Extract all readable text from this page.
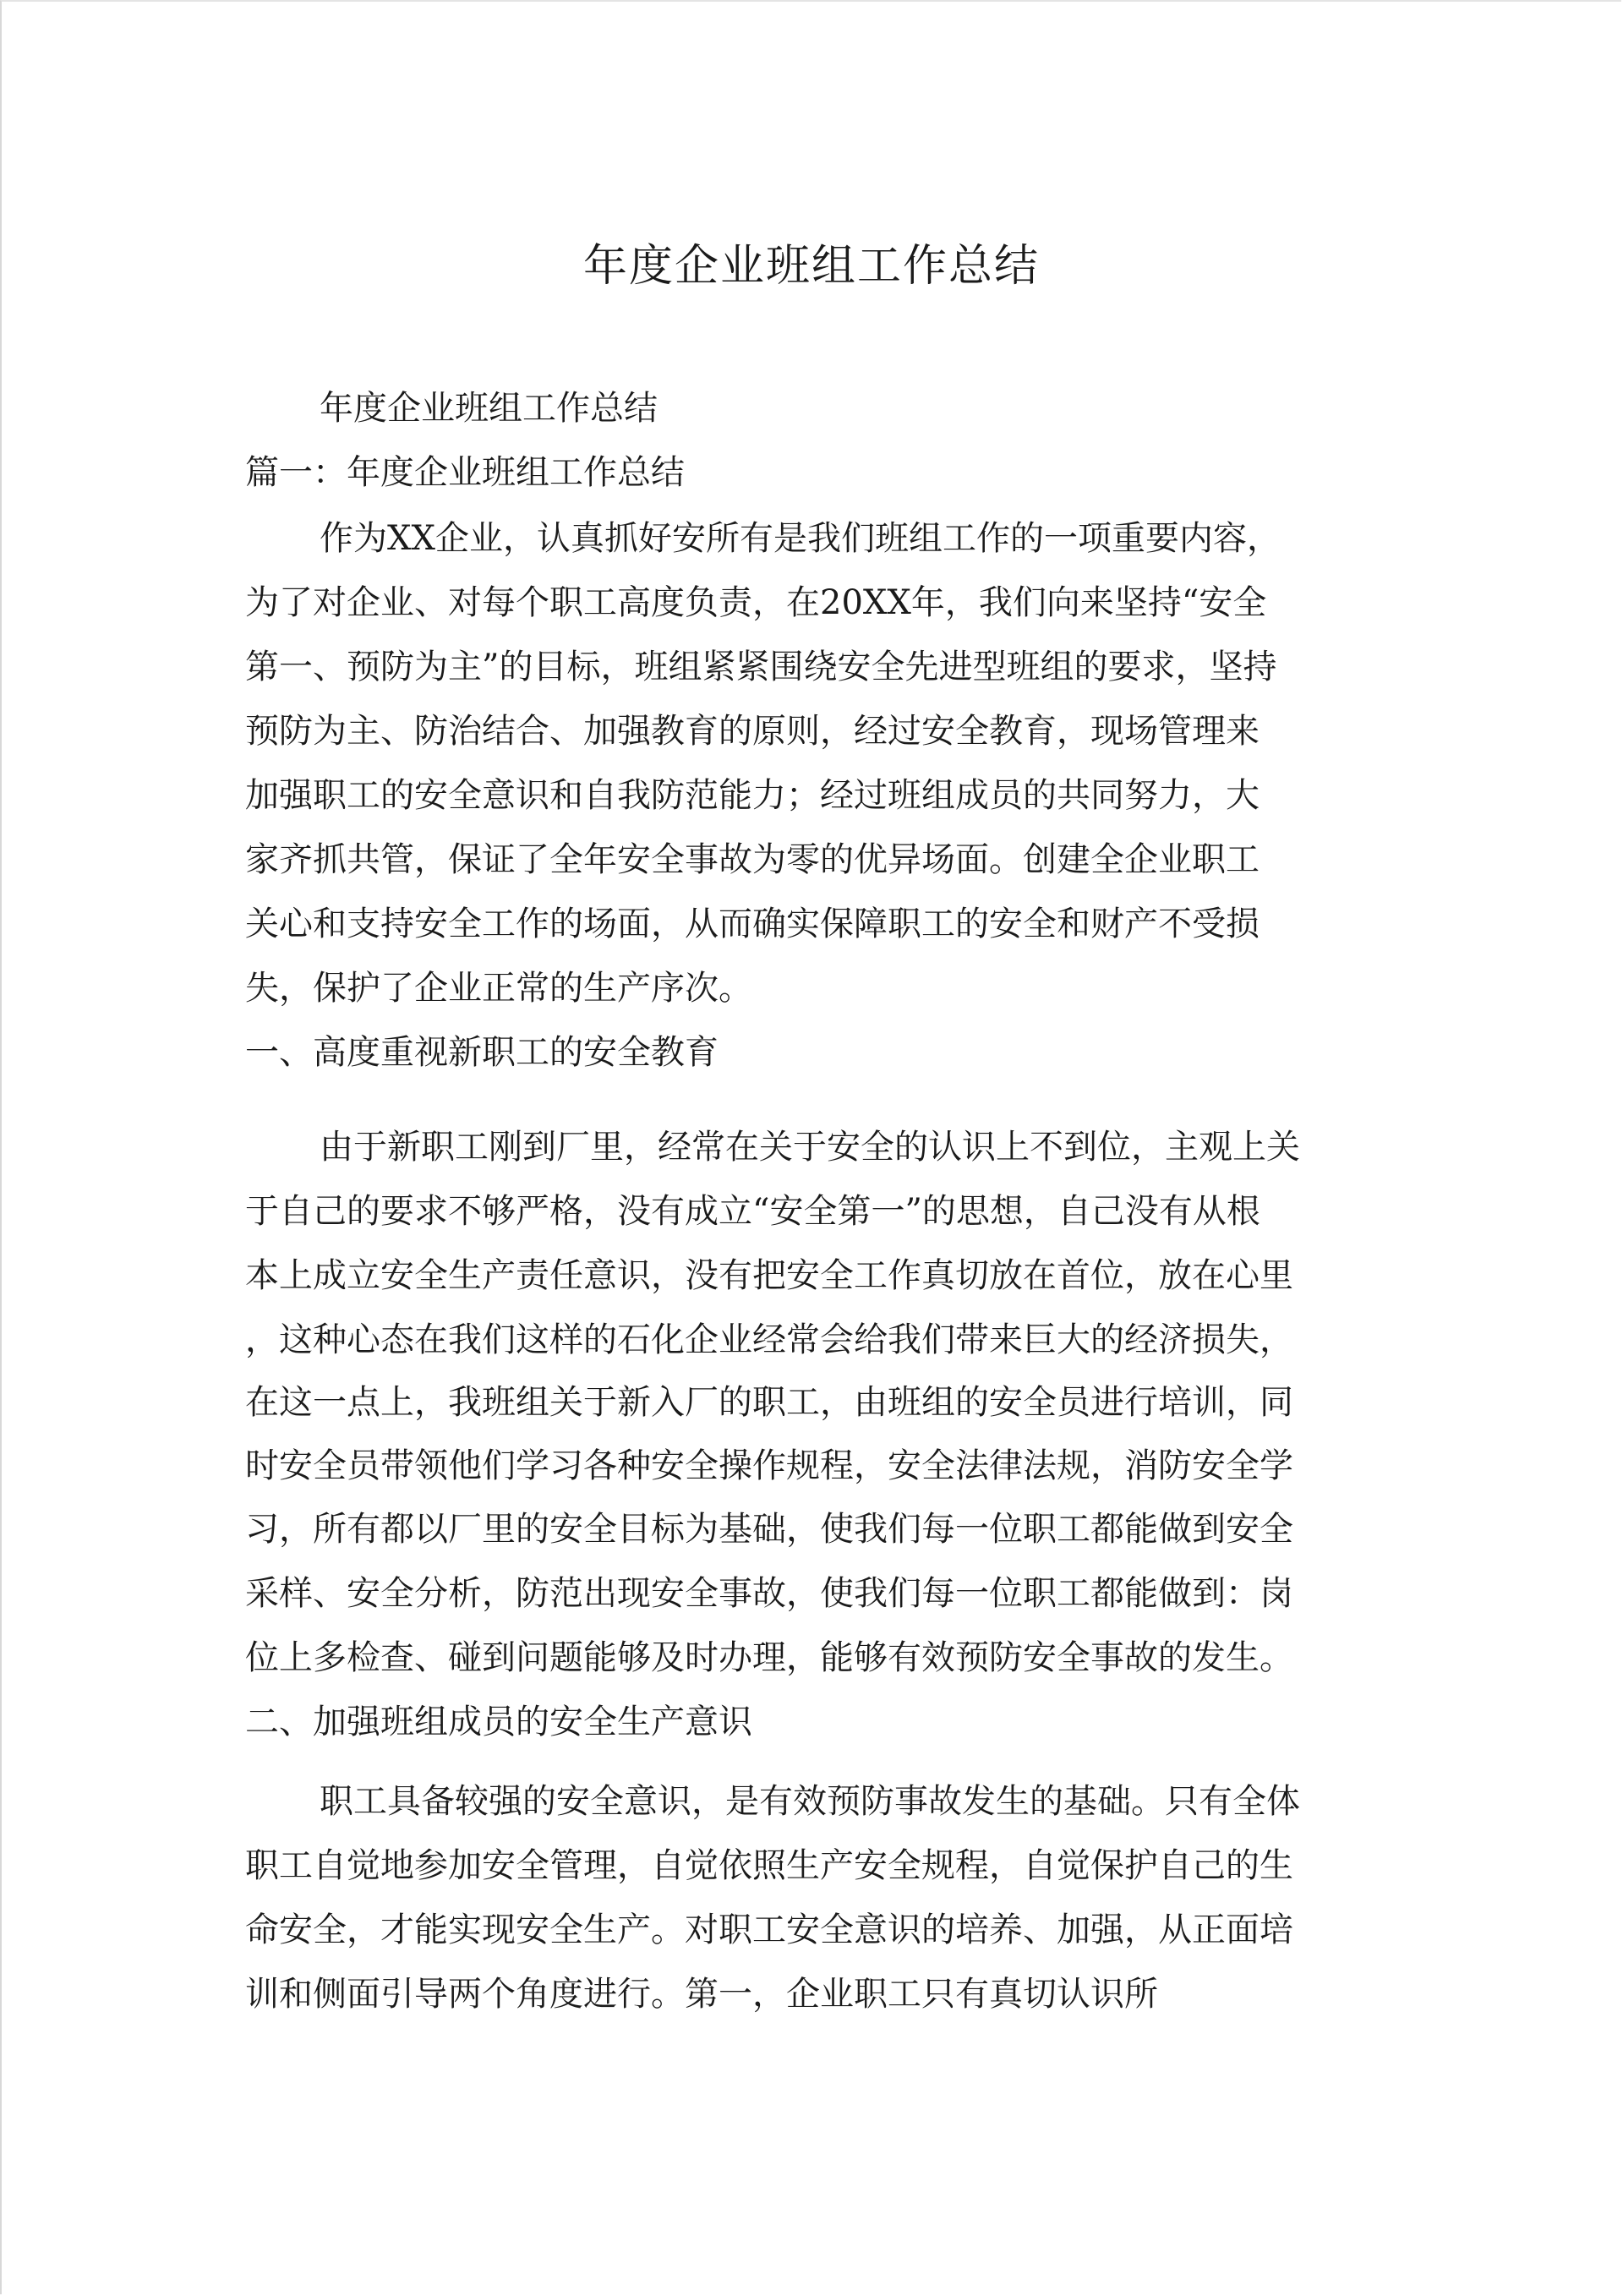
年度企业班组工作总结
年度企业班组工作总结
篇一：年度企业班组工作总结
作为XX企业，认真抓好安所有是我们班组工作的一项重要内容，
为了对企业、对每个职工高度负责，在20XX年，我们向来坚持“安全
第一、预防为主”的目标，班组紧紧围绕安全先进型班组的要求，坚持
预防为主、防治结合、加强教育的原则，经过安全教育，现场管理来
加强职工的安全意识和自我防范能力；经过班组成员的共同努力，大
家齐抓共管，保证了全年安全事故为零的优异场面。创建全企业职工
关心和支持安全工作的场面，从而确实保障职工的安全和财产不受损
失，保护了企业正常的生产序次。
一、高度重视新职工的安全教育
由于新职工刚到厂里，经常在关于安全的认识上不到位，主观上关
于自己的要求不够严格，没有成立“安全第一”的思想，自己没有从根
本上成立安全生产责任意识，没有把安全工作真切放在首位，放在心里
，这种心态在我们这样的石化企业经常会给我们带来巨大的经济损失，
在这一点上，我班组关于新入厂的职工，由班组的安全员进行培训，同
时安全员带领他们学习各种安全操作规程，安全法律法规，消防安全学
习，所有都以厂里的安全目标为基础，使我们每一位职工都能做到安全
采样、安全分析，防范出现安全事故，使我们每一位职工都能做到：岗
位上多检查、碰到问题能够及时办理，能够有效预防安全事故的发生。
二、加强班组成员的安全生产意识
职工具备较强的安全意识，是有效预防事故发生的基础。只有全体
职工自觉地参加安全管理，自觉依照生产安全规程，自觉保护自己的生
命安全，才能实现安全生产。对职工安全意识的培养、加强，从正面培
训和侧面引导两个角度进行。第一，企业职工只有真切认识所
